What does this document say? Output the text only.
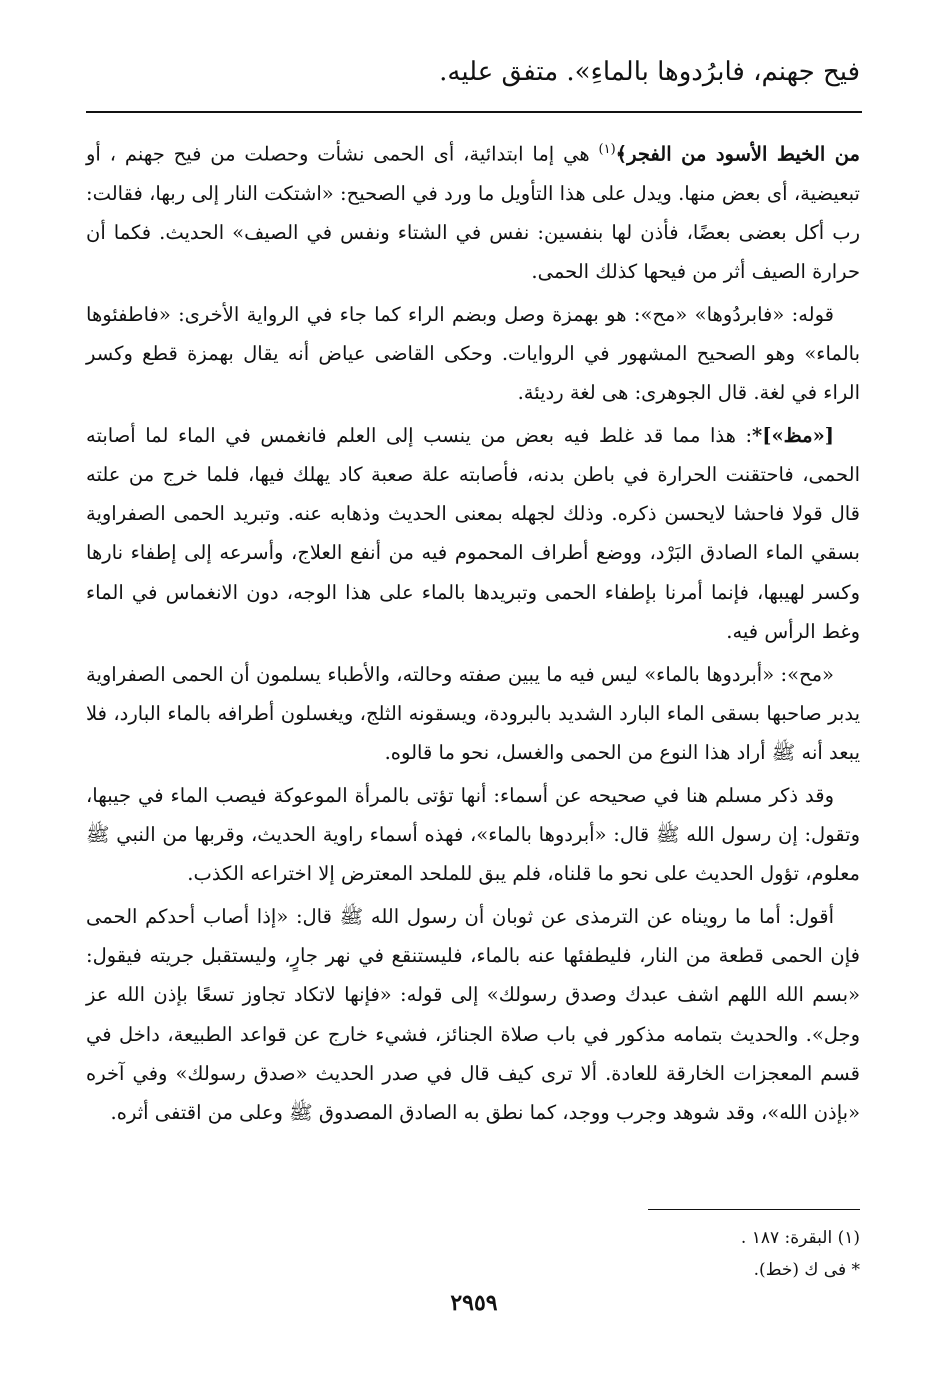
فيح جهنم، فابرُدوها بالماءِ». متفق عليه.

من الخيط الأسود من الفجر﴾$^{(١)}$ هي إما ابتدائية، أى الحمى نشأت وحصلت من فيح جهنم ، أو تبعيضية، أى بعض منها. ويدل على هذا التأويل ما ورد في الصحيح: «اشتكت النار إلى ربها، فقالت: رب أكل بعضى بعضًا، فأذن لها بنفسين: نفس في الشتاء ونفس في الصيف» الحديث. فكما أن حرارة الصيف أثر من فيحها كذلك الحمى.

قوله: «فابردُوها» «مح»: هو بهمزة وصل وبضم الراء كما جاء في الرواية الأخرى: «فاطفئوها بالماء» وهو الصحيح المشهور في الروايات. وحكى القاضى عياض أنه يقال بهمزة قطع وكسر الراء في لغة. قال الجوهرى: هى لغة رديئة.

[«مظ»]*: هذا مما قد غلط فيه بعض من ينسب إلى العلم فانغمس في الماء لما أصابته الحمى، فاحتقنت الحرارة في باطن بدنه، فأصابته علة صعبة كاد يهلك فيها، فلما خرج من علته قال قولا فاحشا لايحسن ذكره. وذلك لجهله بمعنى الحديث وذهابه عنه. وتبريد الحمى الصفراوية بسقي الماء الصادق البَرْد، ووضع أطراف المحموم فيه من أنفع العلاج، وأسرعه إلى إطفاء نارها وكسر لهيبها، فإنما أمرنا بإطفاء الحمى وتبريدها بالماء على هذا الوجه، دون الانغماس في الماء وغط الرأس فيه.

«مح»: «أبردوها بالماء» ليس فيه ما يبين صفته وحالته، والأطباء يسلمون أن الحمى الصفراوية يدبر صاحبها بسقى الماء البارد الشديد بالبرودة، ويسقونه الثلج، ويغسلون أطرافه بالماء البارد، فلا يبعد أنه ﷺ أراد هذا النوع من الحمى والغسل، نحو ما قالوه.

وقد ذكر مسلم هنا في صحيحه عن أسماء: أنها تؤتى بالمرأة الموعوكة فيصب الماء في جيبها، وتقول: إن رسول الله ﷺ قال: «أبردوها بالماء»، فهذه أسماء راوية الحديث، وقربها من النبي ﷺ معلوم، تؤول الحديث على نحو ما قلناه، فلم يبق للملحد المعترض إلا اختراعه الكذب.

أقول: أما ما رويناه عن الترمذى عن ثوبان أن رسول الله ﷺ قال: «إذا أصاب أحدكم الحمى فإن الحمى قطعة من النار، فليطفئها عنه بالماء، فليستنقع في نهر جارٍ، وليستقبل جريته فيقول: «بسم الله اللهم اشف عبدك وصدق رسولك» إلى قوله: «فإنها لاتكاد تجاوز تسعًا بإذن الله عز وجل». والحديث بتمامه مذكور في باب صلاة الجنائز، فشيء خارج عن قواعد الطبيعة، داخل في قسم المعجزات الخارقة للعادة. ألا ترى كيف قال في صدر الحديث «صدق رسولك» وفي آخره «بإذن الله»، وقد شوهد وجرب ووجد، كما نطق به الصادق المصدوق ﷺ وعلى من اقتفى أثره.

(١) البقرة: ١٨٧ .

* فى ك (خط).

٢٩٥٩
